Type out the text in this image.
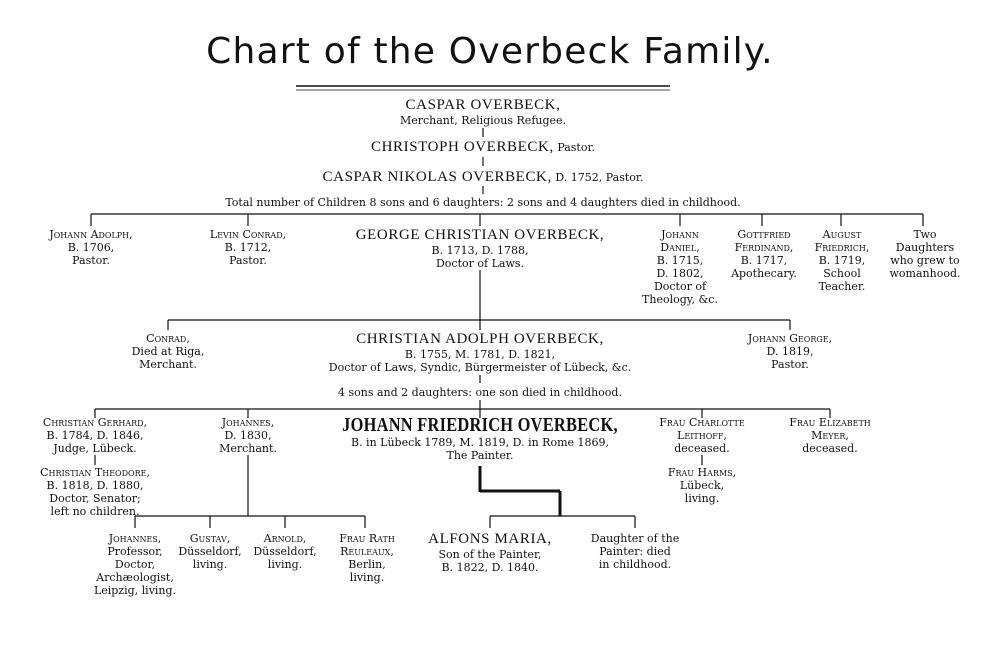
Chart of the Overbeck Family.
CASPAR OVERBECK,
Merchant, Religious Refugee.
CHRISTOPH OVERBECK, Pastor.
CASPAR NIKOLAS OVERBECK, D. 1752, Pastor.
Total number of Children 8 sons and 6 daughters: 2 sons and 4 daughters died in childhood.
Johann Adolph,
B. 1706,
Pastor.
Levin Conrad,
B. 1712,
Pastor.
GEORGE CHRISTIAN OVERBECK,
B. 1713, D. 1788,
Doctor of Laws.
Johann
Daniel,
B. 1715,
D. 1802,
Doctor of
Theology, &c.
Gottfried
Ferdinand,
B. 1717,
Apothecary.
August
Friedrich,
B. 1719,
School
Teacher.
Two
Daughters
who grew to
womanhood.
Conrad,
Died at Riga,
Merchant.
CHRISTIAN ADOLPH OVERBECK,
B. 1755, M. 1781, D. 1821,
Doctor of Laws, Syndic, Bürgermeister of Lübeck, &c.
Johann George,
D. 1819,
Pastor.
4 sons and 2 daughters: one son died in childhood.
Christian Gerhard,
B. 1784, D. 1846,
Judge, Lübeck.
Christian Theodore,
B. 1818, D. 1880,
Doctor, Senator;
left no children.
Johannes,
D. 1830,
Merchant.
JOHANN FRIEDRICH OVERBECK,
B. in Lübeck 1789, M. 1819, D. in Rome 1869,
The Painter.
Frau Charlotte
Leithoff,
deceased.
Frau Harms,
Lübeck,
living.
Frau Elizabeth
Meyer,
deceased.
Johannes,
Professor,
Doctor,
Archæologist,
Leipzig, living.
Gustav,
Düsseldorf,
living.
Arnold,
Düsseldorf,
living.
Frau Rath
Reuleaux,
Berlin,
living.
ALFONS MARIA,
Son of the Painter,
B. 1822, D. 1840.
Daughter of the
Painter: died
in childhood.
